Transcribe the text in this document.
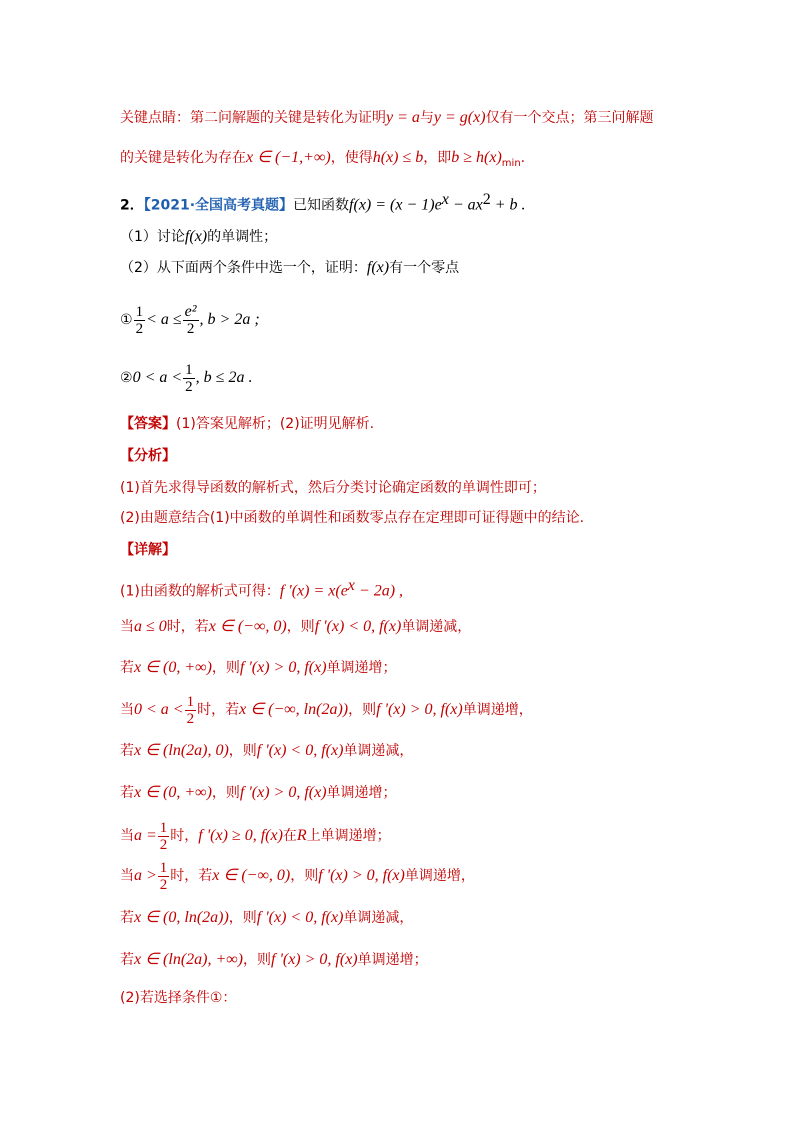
关键点睛：第二问解题的关键是转化为证明y = a与y = g(x)仅有一个交点；第三问解题
的关键是转化为存在x ∈ (−1,+∞)，使得h(x) ≤ b，即$b \ge h(x)_{min}$.
2．【2021·全国高考真题】已知函数$f(x) = (x - 1)e^x - ax^2 + b$ .
（1）讨论f(x)的单调性；
（2）从下面两个条件中选一个，证明：f(x)有一个零点
① $\frac{1}{2} < a \le \frac{\text{e²}}{2}$ , b > 2a ;
②0 < $a < \frac{1}{2}$ , b ≤ 2a .
【答案】(1)答案见解析；(2)证明见解析.
【分析】
(1)首先求得导函数的解析式，然后分类讨论确定函数的单调性即可；
(2)由题意结合(1)中函数的单调性和函数零点存在定理即可证得题中的结论.
【详解】
(1)由函数的解析式可得：f '$(x) = x(e^x - 2a)$ ,
当a ≤ 0时，若x ∈ (−∞, 0)，则f '(x) < 0, f(x)单调递减，
若x ∈ (0, +∞)，则f '(x) > 0, f(x)单调递增；
当$0 < a < \frac{1}{2}$ 时，若x ∈ (−∞, ln(2a))，则f '(x) > 0, f(x)单调递增，
若x ∈ (ln(2a), 0)，则f '(x) < 0, f(x)单调递减，
若x ∈ (0, +∞)，则f '(x) > 0, f(x)单调递增；
当$a = \frac{1}{2}$ 时，f '(x) ≥ 0, f(x)在R上单调递增；
当$a > \frac{1}{2}$ 时，若x ∈ (−∞, 0)，则f '(x) > 0, f(x)单调递增，
若x ∈ (0, ln(2a))，则f '(x) < 0, f(x)单调递减，
若x ∈ (ln(2a), +∞)，则f '(x) > 0, f(x)单调递增；
(2)若选择条件①：
